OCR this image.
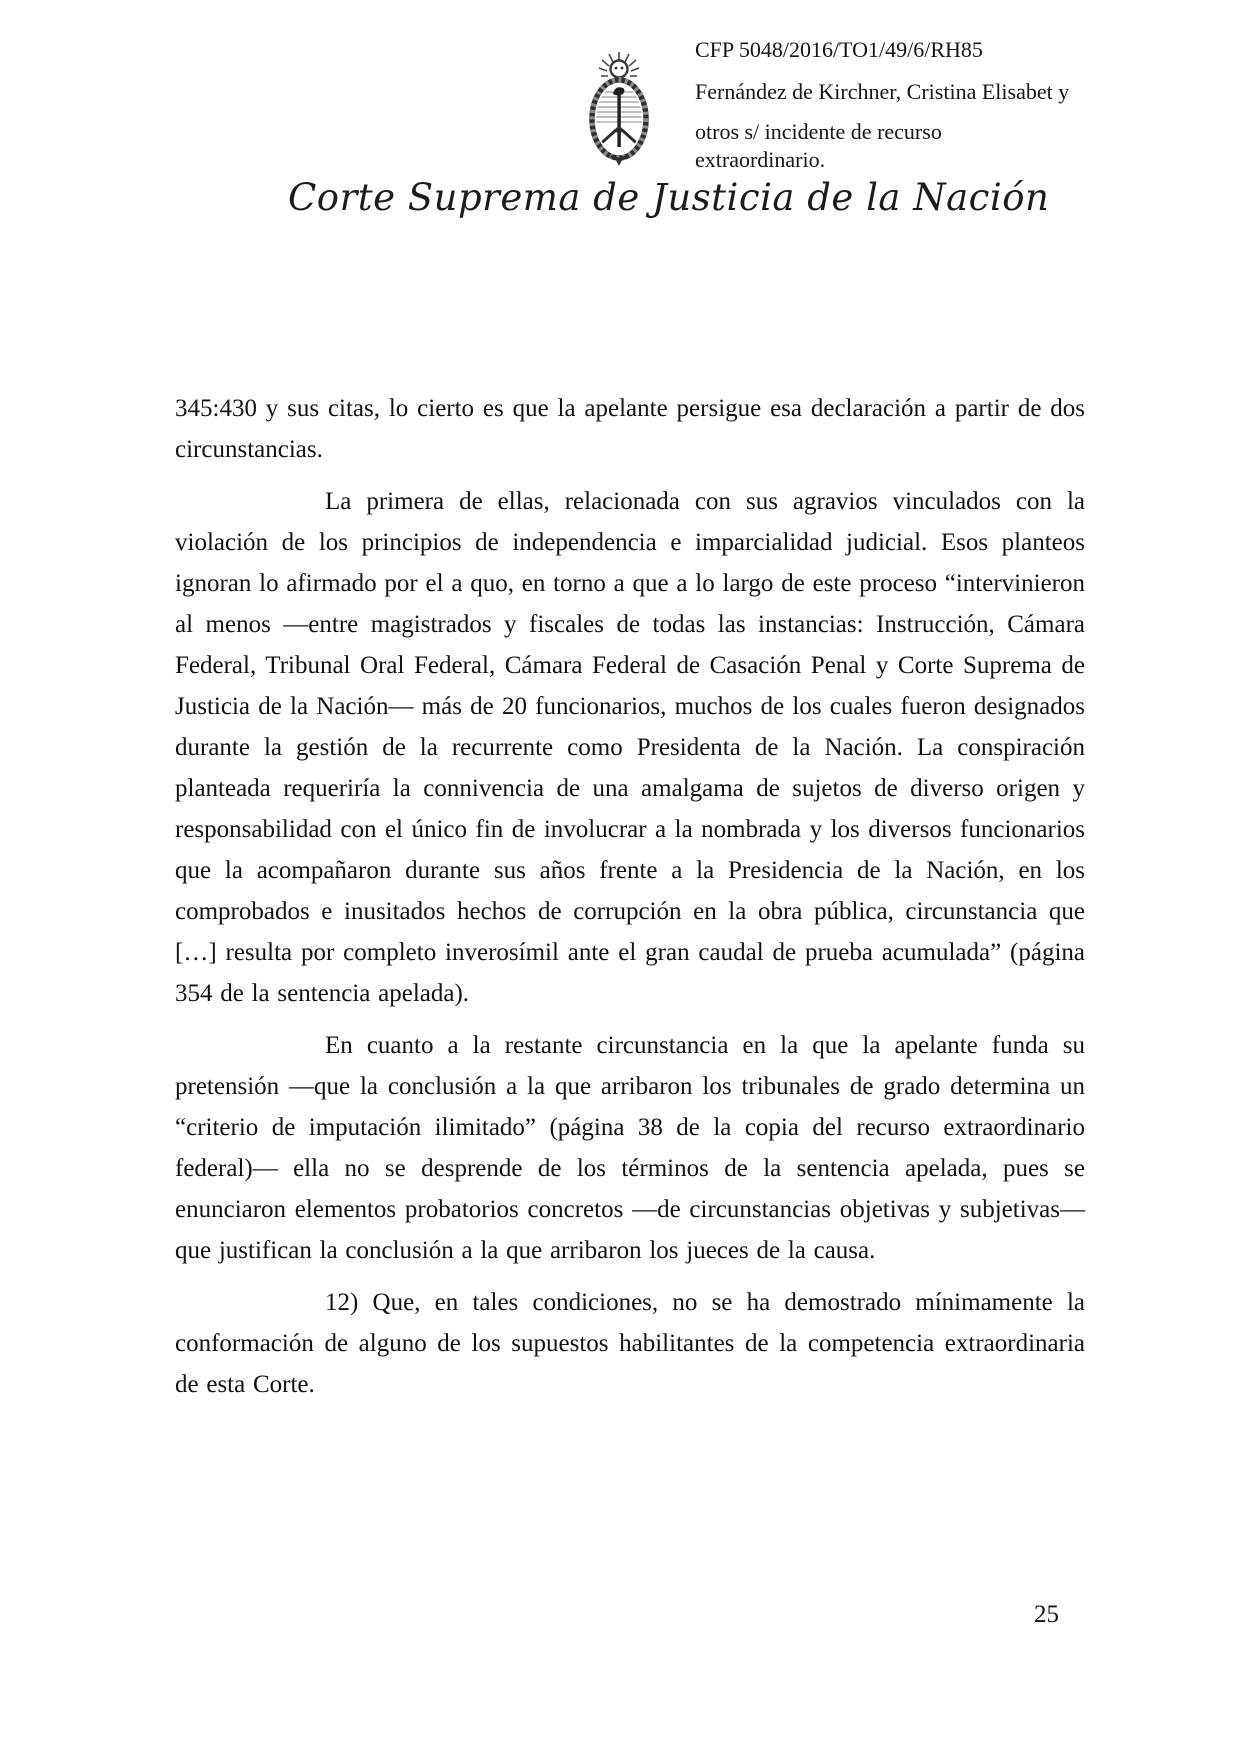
CFP 5048/2016/TO1/49/6/RH85
Fernández de Kirchner, Cristina Elisabet y
otros s/ incidente de recurso
extraordinario.
Corte Suprema de Justicia de la Nación

345:430 y sus citas, lo cierto es que la apelante persigue esa declaración a partir de dos circunstancias.

La primera de ellas, relacionada con sus agravios vinculados con la violación de los principios de independencia e imparcialidad judicial. Esos planteos ignoran lo afirmado por el a quo, en torno a que a lo largo de este proceso “intervinieron al menos —entre magistrados y fiscales de todas las instancias: Instrucción, Cámara Federal, Tribunal Oral Federal, Cámara Federal de Casación Penal y Corte Suprema de Justicia de la Nación— más de 20 funcionarios, muchos de los cuales fueron designados durante la gestión de la recurrente como Presidenta de la Nación. La conspiración planteada requeriría la connivencia de una amalgama de sujetos de diverso origen y responsabilidad con el único fin de involucrar a la nombrada y los diversos funcionarios que la acompañaron durante sus años frente a la Presidencia de la Nación, en los comprobados e inusitados hechos de corrupción en la obra pública, circunstancia que […] resulta por completo inverosímil ante el gran caudal de prueba acumulada” (página 354 de la sentencia apelada).

En cuanto a la restante circunstancia en la que la apelante funda su pretensión —que la conclusión a la que arribaron los tribunales de grado determina un “criterio de imputación ilimitado” (página 38 de la copia del recurso extraordinario federal)— ella no se desprende de los términos de la sentencia apelada, pues se enunciaron elementos probatorios concretos —de circunstancias objetivas y subjetivas— que justifican la conclusión a la que arribaron los jueces de la causa.

12) Que, en tales condiciones, no se ha demostrado mínimamente la conformación de alguno de los supuestos habilitantes de la competencia extraordinaria de esta Corte.

25
